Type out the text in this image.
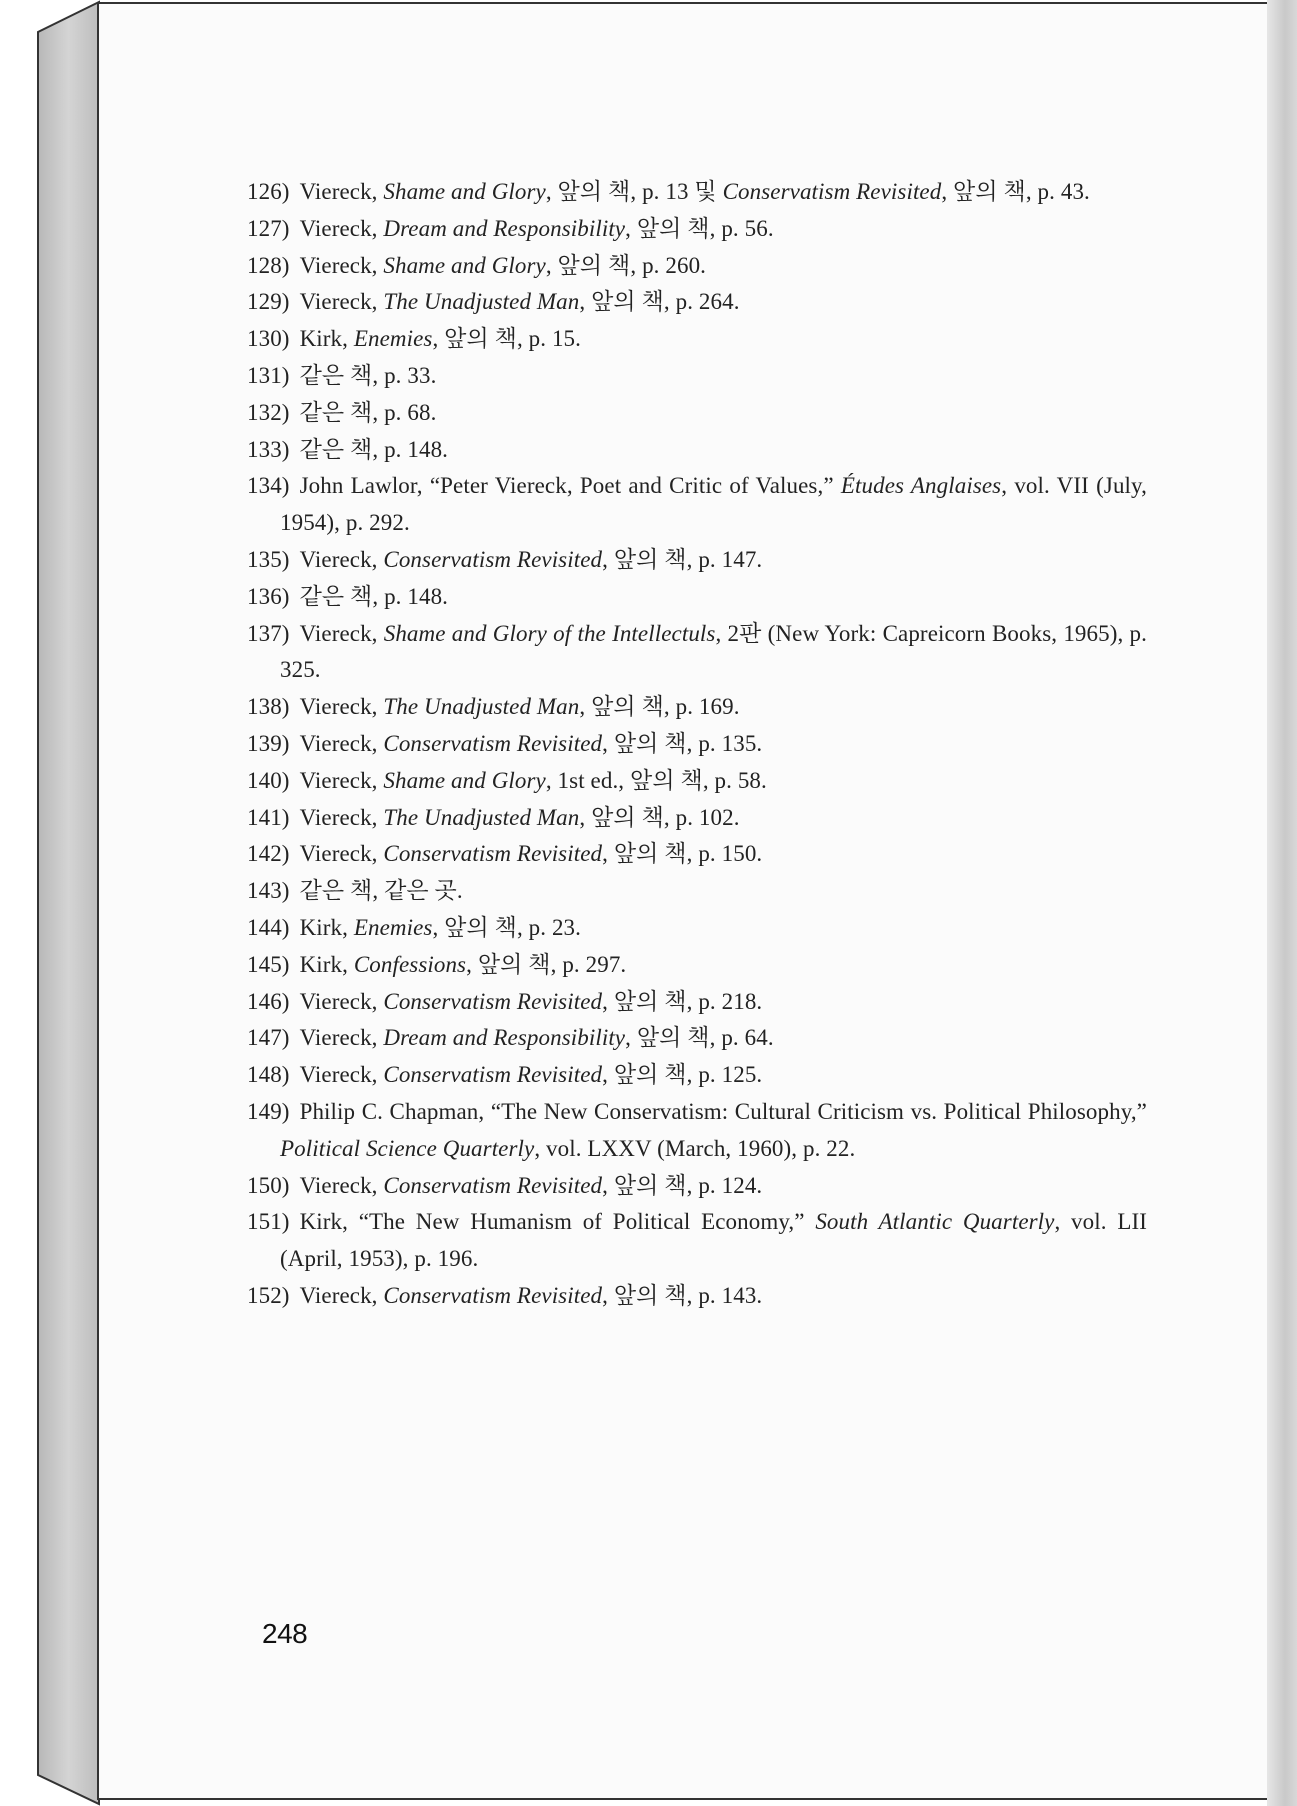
126) Viereck, Shame and Glory, 앞의 책, p. 13 및 Conservatism Revisited, 앞의 책, p. 43.
127) Viereck, Dream and Responsibility, 앞의 책, p. 56.
128) Viereck, Shame and Glory, 앞의 책, p. 260.
129) Viereck, The Unadjusted Man, 앞의 책, p. 264.
130) Kirk, Enemies, 앞의 책, p. 15.
131) 같은 책, p. 33.
132) 같은 책, p. 68.
133) 같은 책, p. 148.
134) John Lawlor, “Peter Viereck, Poet and Critic of Values,” Études Anglaises, vol. VII (July, 1954), p. 292.
135) Viereck, Conservatism Revisited, 앞의 책, p. 147.
136) 같은 책, p. 148.
137) Viereck, Shame and Glory of the Intellectuls, 2판 (New York: Capreicorn Books, 1965), p. 325.
138) Viereck, The Unadjusted Man, 앞의 책, p. 169.
139) Viereck, Conservatism Revisited, 앞의 책, p. 135.
140) Viereck, Shame and Glory, 1st ed., 앞의 책, p. 58.
141) Viereck, The Unadjusted Man, 앞의 책, p. 102.
142) Viereck, Conservatism Revisited, 앞의 책, p. 150.
143) 같은 책, 같은 곳.
144) Kirk, Enemies, 앞의 책, p. 23.
145) Kirk, Confessions, 앞의 책, p. 297.
146) Viereck, Conservatism Revisited, 앞의 책, p. 218.
147) Viereck, Dream and Responsibility, 앞의 책, p. 64.
148) Viereck, Conservatism Revisited, 앞의 책, p. 125.
149) Philip C. Chapman, “The New Conservatism: Cultural Criticism vs. Political Philosophy,” Political Science Quarterly, vol. LXXV (March, 1960), p. 22.
150) Viereck, Conservatism Revisited, 앞의 책, p. 124.
151) Kirk, “The New Humanism of Political Economy,” South Atlantic Quarterly, vol. LII (April, 1953), p. 196.
152) Viereck, Conservatism Revisited, 앞의 책, p. 143.
248
